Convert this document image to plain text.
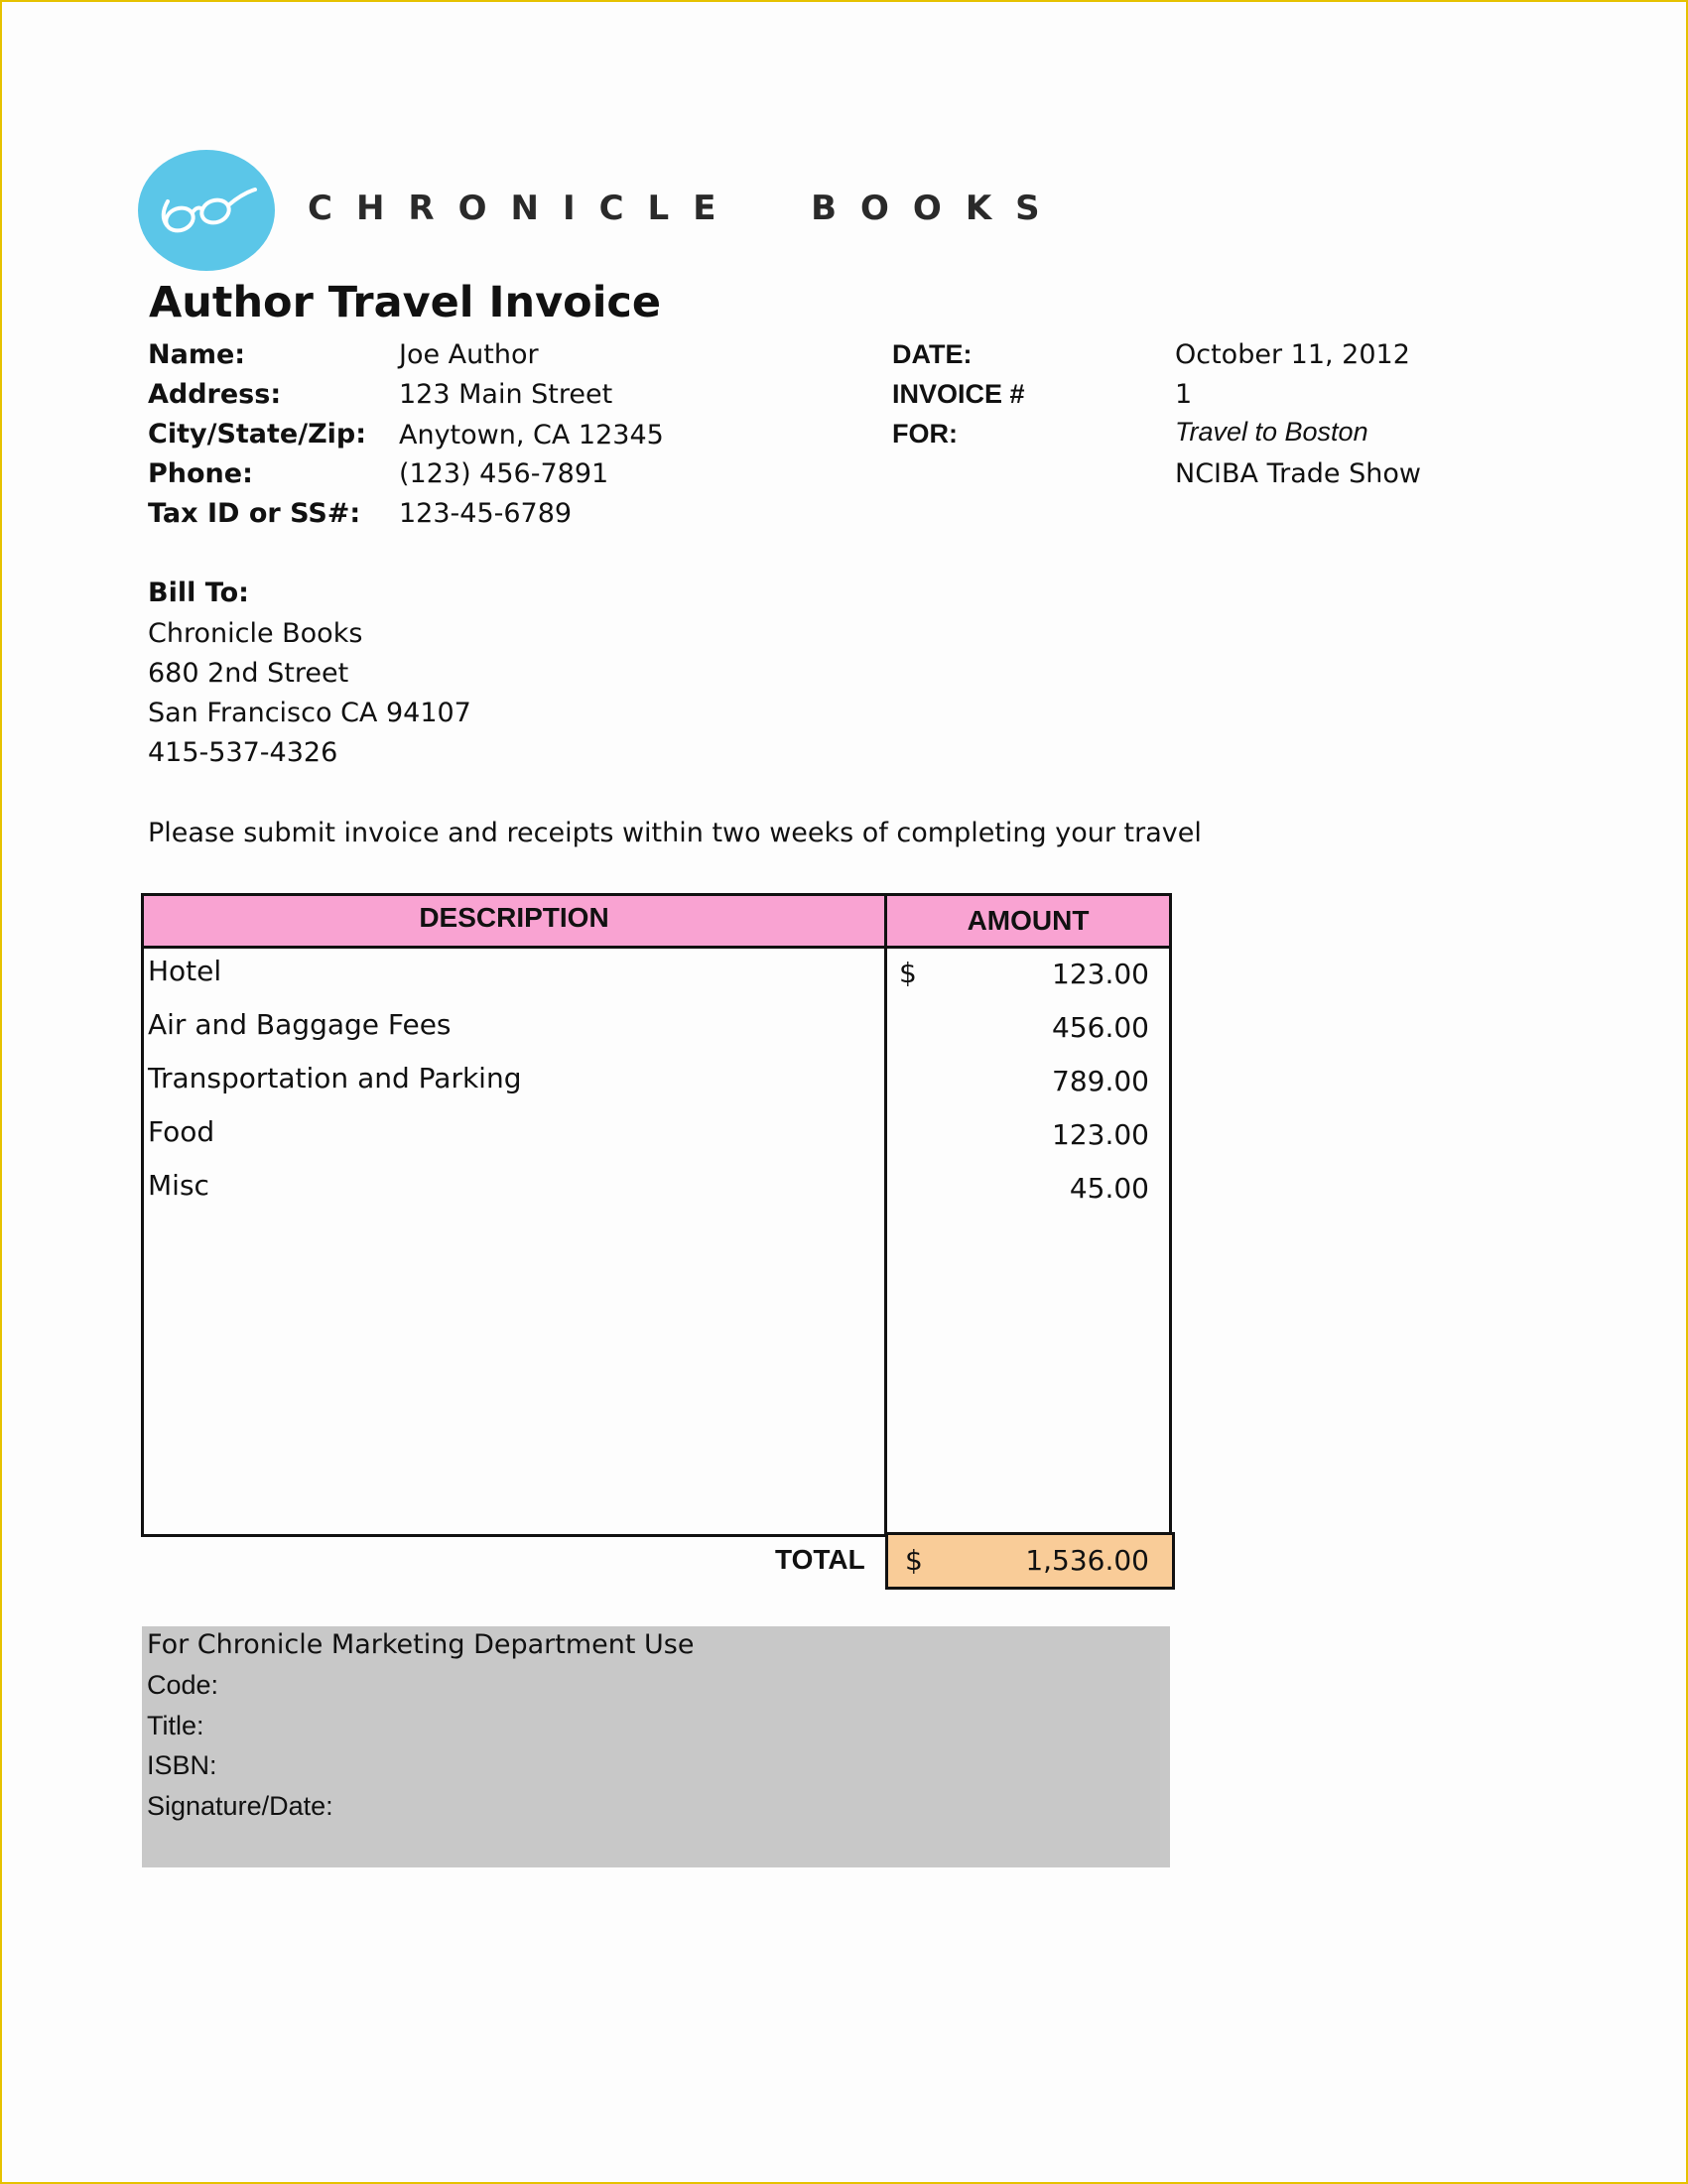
CHRONICLE  BOOKS
Author Travel Invoice
Name:	Joe Author
Address:	123 Main Street
City/State/Zip: Anytown, CA 12345
Phone:	(123) 456-7891
Tax ID or SS#: 123-45-6789
DATE:	October 11, 2012
INVOICE #	1
FOR:	Travel to Boston
NCIBA Trade Show
Bill To:
Chronicle Books
680 2nd Street
San Francisco CA 94107
415-537-4326
Please submit invoice and receipts within two weeks of completing your travel
DESCRIPTION	AMOUNT
$
Hotel	123.00
Air and Baggage Fees	456.00
Transportation and Parking	789.00
Food	123.00
Misc	45.00
TOTAL $	1,536.00
For Chronicle Marketing Department Use
Code:
Title:
ISBN:
Signature/Date:
